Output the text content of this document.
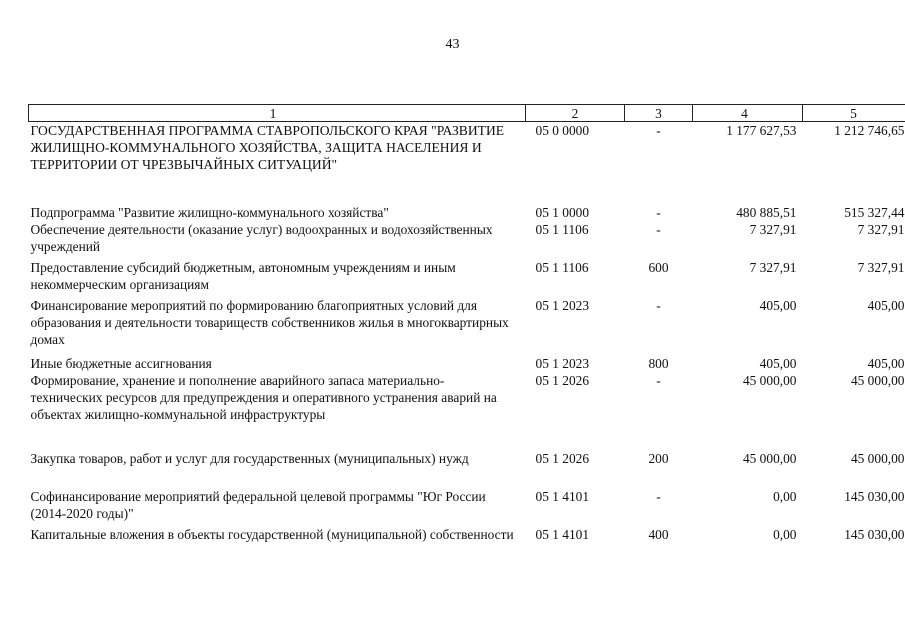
43
1	2	3	4	5
ГОСУДАРСТВЕННАЯ ПРОГРАММА СТАВРОПОЛЬСКОГО КРАЯ "РАЗВИТИЕ ЖИЛИЩНО-КОММУНАЛЬНОГО ХОЗЯЙСТВА, ЗАЩИТА НАСЕЛЕНИЯ И ТЕРРИТОРИИ ОТ ЧРЕЗВЫЧАЙНЫХ СИТУАЦИЙ"	05 0 0000	-	1 177 627,53	1 212 746,65
Подпрограмма "Развитие жилищно-коммунального хозяйства"	05 1 0000	-	480 885,51	515 327,44
Обеспечение деятельности (оказание услуг) водоохранных и водохозяйственных учреждений	05 1 1106	-	7 327,91	7 327,91
Предоставление субсидий бюджетным, автономным учреждениям и иным некоммерческим организациям	05 1 1106	600	7 327,91	7 327,91
Финансирование мероприятий по формированию благоприятных условий для образования и деятельности товариществ собственников жилья в многоквартирных домах	05 1 2023	-	405,00	405,00
Иные бюджетные ассигнования	05 1 2023	800	405,00	405,00
Формирование, хранение и пополнение аварийного запаса материально-технических ресурсов для предупреждения и оперативного устранения аварий на объектах жилищно-коммунальной инфраструктуры	05 1 2026	-	45 000,00	45 000,00
Закупка товаров, работ и услуг для государственных (муниципальных) нужд	05 1 2026	200	45 000,00	45 000,00
Софинансирование мероприятий федеральной целевой программы "Юг России (2014-2020 годы)"	05 1 4101	-	0,00	145 030,00
Капитальные вложения в объекты государственной (муниципальной) собственности	05 1 4101	400	0,00	145 030,00
